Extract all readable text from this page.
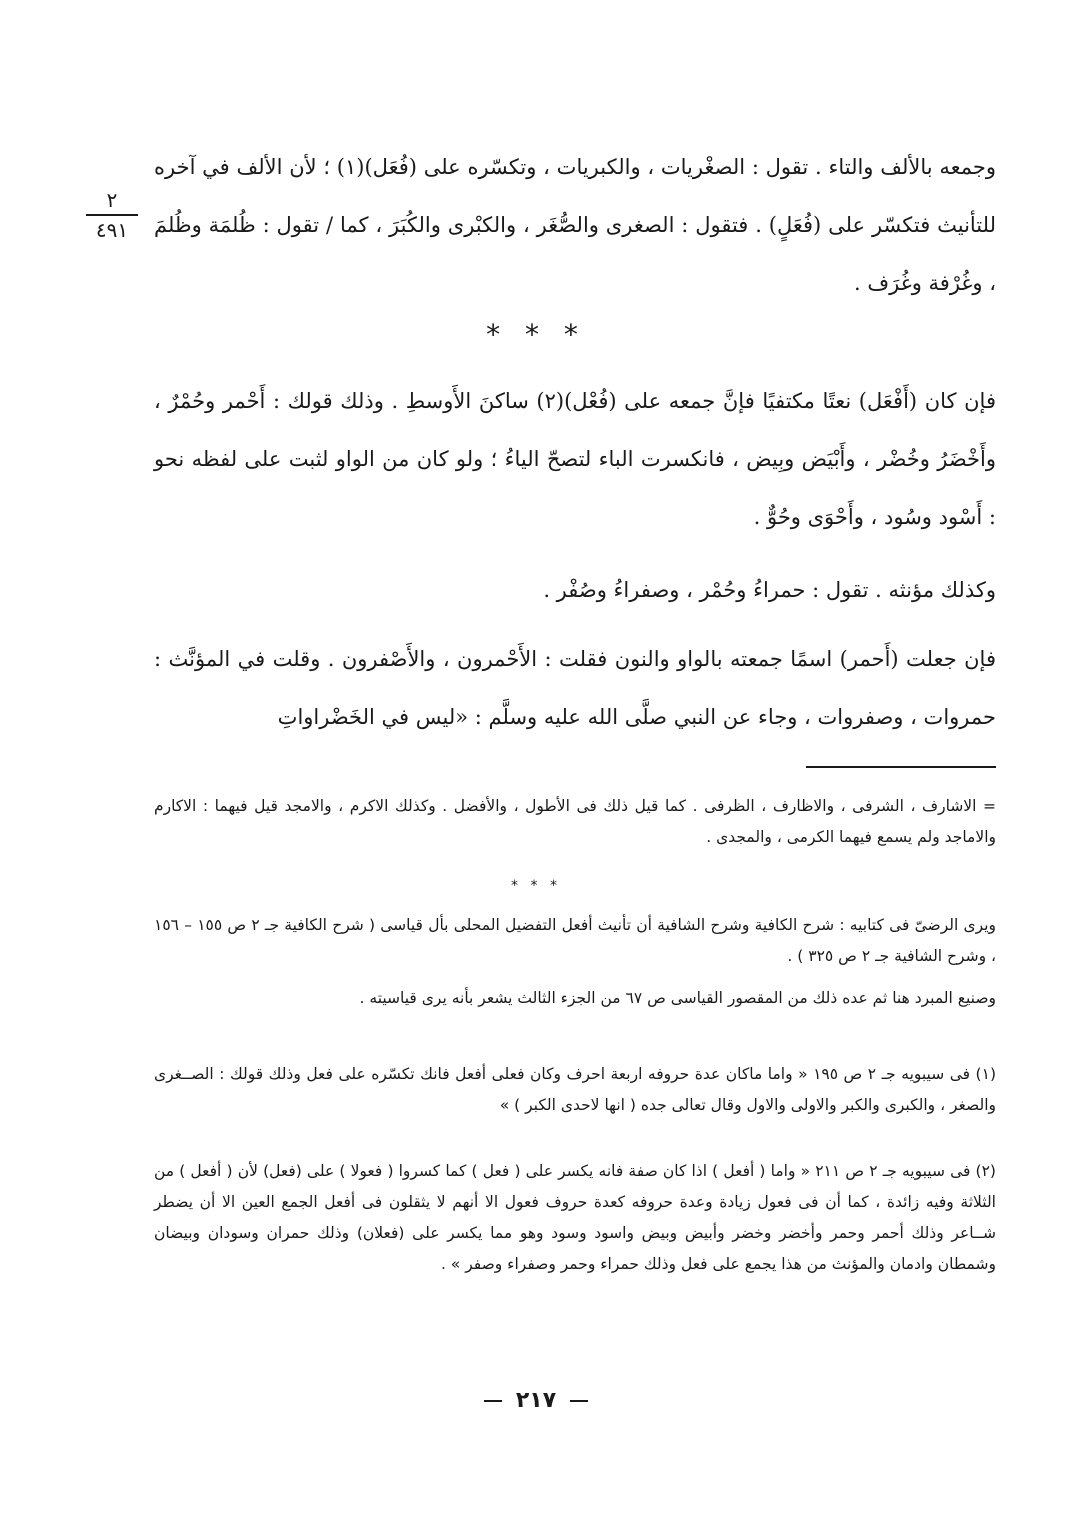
٢
٤٩١

وجمعه بالألف والتاء . تقول : الصغْريات ، والكبريات ، وتكسّره على (فُعَل)(١) ؛ لأن الألف في آخره للتأنيث فتكسّر على (فُعَلٍ) . فتقول : الصغرى والصُّغَر ، والكبْرى والكُبَرَ ، كما / تقول : ظُلمَة وظُلمَ ، وغُرْفة وغُرَف .

* * *

فإن كان (أَفْعَل) نعتًا مكتفيًا فإنَّ جمعه على (فُعْل)(٢) ساكنَ الأَوسطِ . وذلك قولك : أَحْمر وحُمْرٌ ، وأَخْضَرُ وخُضْر ، وأَبْيَض وبِيض ، فانكسرت الباء لتصحّ الياءُ ؛ ولو كان من الواو لثبت على لفظه نحو : أَسْود وسُود ، وأَحْوَى وحُوٌّ .

وكذلك مؤنثه . تقول : حمراءُ وحُمْر ، وصفراءُ وصُفْر .

فإن جعلت (أَحمر) اسمًا جمعته بالواو والنون فقلت : الأَحْمرون ، والأَصْفرون . وقلت في المؤنَّث : حمروات ، وصفروات ، وجاء عن النبي صلَّى الله عليه وسلَّم : «ليس في الخَضْراواتِ

= الاشارف ، الشرفى ، والاظارف ، الظرفى . كما قيل ذلك فى الأطول ، والأفضل . وكذلك الاكرم ، والامجد قيل فيهما : الاكارم والاماجد ولم يسمع فيهما الكرمى ، والمجدى .

* * *

ويرى الرضىّ فى كتابيه : شرح الكافية وشرح الشافية أن تأنيث أفعل التفضيل المحلى بأل قياسى ( شرح الكافية جـ ٢ ص ١٥٥ – ١٥٦ ، وشرح الشافية جـ ٢ ص ٣٢٥ ) .

وصنيع المبرد هنا ثم عده ذلك من المقصور القياسى ص ٦٧ من الجزء الثالث يشعر بأنه يرى قياسيته .

(١) فى سيبويه جـ ٢ ص ١٩٥ « واما ماكان عدة حروفه اربعة احرف وكان فعلى أفعل فانك تكسّره على فعل وذلك قولك : الصــغرى والصغر ، والكبرى والكبر والاولى والاول وقال تعالى جده ( انها لاحدى الكبر ) »

(٢) فى سيبويه جـ ٢ ص ٢١١ « واما ( أفعل ) اذا كان صفة فانه يكسر على ( فعل ) كما كسروا ( فعولا ) على (فعل) لأن ( أفعل ) من الثلاثة وفيه زائدة ، كما أن فى فعول زيادة وعدة حروفه كعدة حروف فعول الا أنهم لا يثقلون فى أفعل الجمع العين الا أن يضطر شــاعر وذلك أحمر وحمر وأخضر وخضر وأبيض وبيض واسود وسود وهو مما يكسر على (فعلان) وذلك حمران وسودان وبيضان وشمطان وادمان والمؤنث من هذا يجمع على فعل وذلك حمراء وحمر وصفراء وصفر » .

٢١٧
